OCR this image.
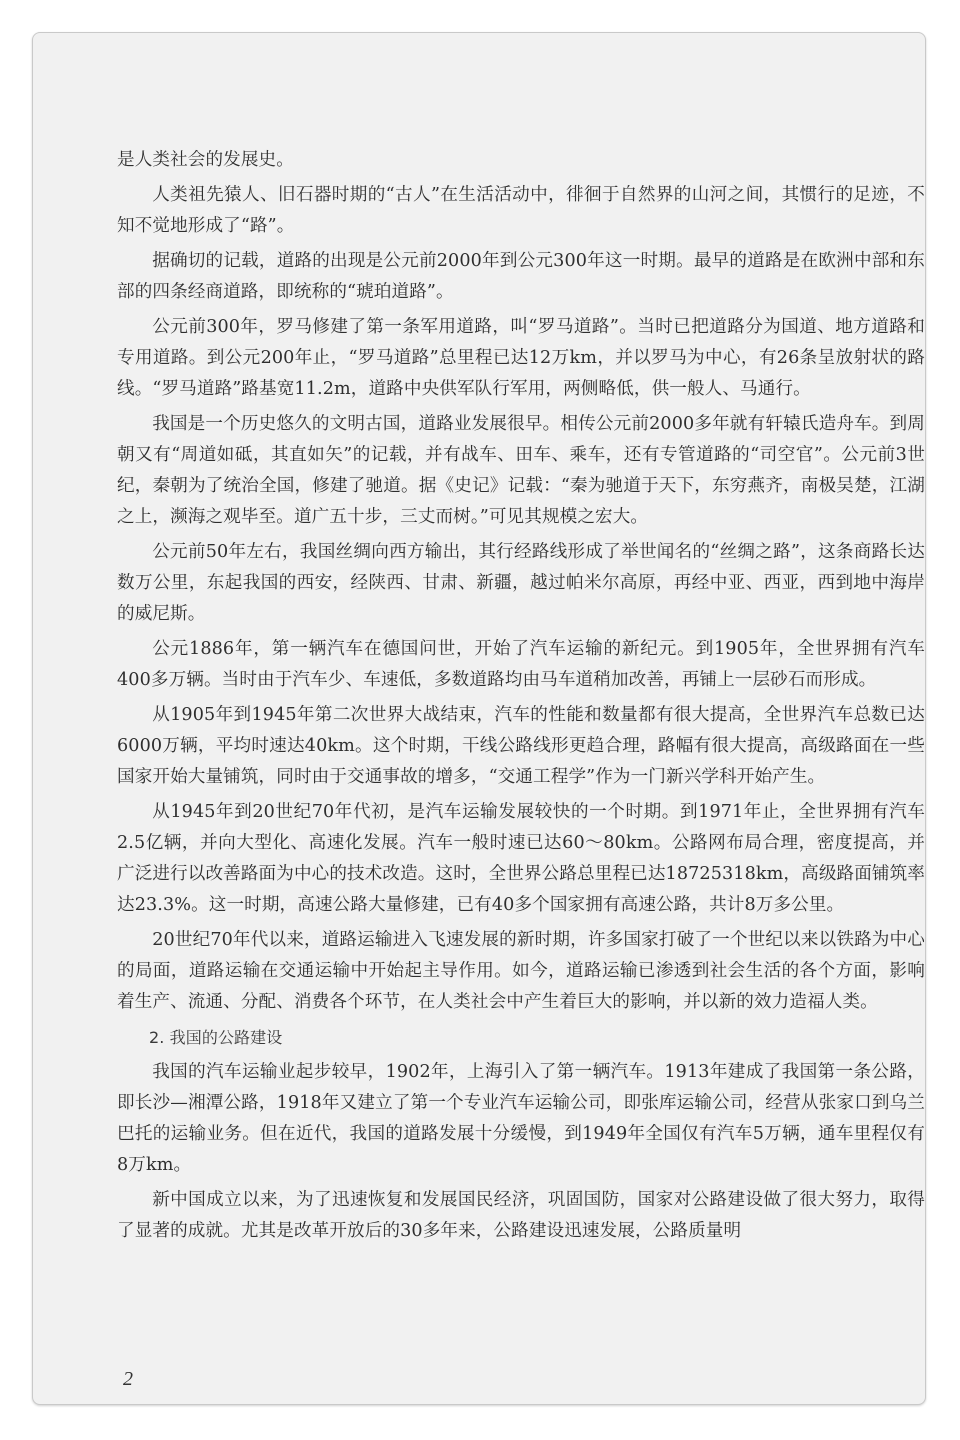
是人类社会的发展史。

人类祖先猿人、旧石器时期的“古人”在生活活动中，徘徊于自然界的山河之间，其惯行的足迹，不知不觉地形成了“路”。

据确切的记载，道路的出现是公元前2000年到公元300年这一时期。最早的道路是在欧洲中部和东部的四条经商道路，即统称的“琥珀道路”。

公元前300年，罗马修建了第一条军用道路，叫“罗马道路”。当时已把道路分为国道、地方道路和专用道路。到公元200年止，“罗马道路”总里程已达12万km，并以罗马为中心，有26条呈放射状的路线。“罗马道路”路基宽11.2m，道路中央供军队行军用，两侧略低，供一般人、马通行。

我国是一个历史悠久的文明古国，道路业发展很早。相传公元前2000多年就有轩辕氏造舟车。到周朝又有“周道如砥，其直如矢”的记载，并有战车、田车、乘车，还有专管道路的“司空官”。公元前3世纪，秦朝为了统治全国，修建了驰道。据《史记》记载：“秦为驰道于天下，东穷燕齐，南极吴楚，江湖之上，濒海之观毕至。道广五十步，三丈而树。”可见其规模之宏大。

公元前50年左右，我国丝绸向西方输出，其行经路线形成了举世闻名的“丝绸之路”，这条商路长达数万公里，东起我国的西安，经陕西、甘肃、新疆，越过帕米尔高原，再经中亚、西亚，西到地中海岸的威尼斯。

公元1886年，第一辆汽车在德国问世，开始了汽车运输的新纪元。到1905年，全世界拥有汽车400多万辆。当时由于汽车少、车速低，多数道路均由马车道稍加改善，再铺上一层砂石而形成。

从1905年到1945年第二次世界大战结束，汽车的性能和数量都有很大提高，全世界汽车总数已达6000万辆，平均时速达40km。这个时期，干线公路线形更趋合理，路幅有很大提高，高级路面在一些国家开始大量铺筑，同时由于交通事故的增多，“交通工程学”作为一门新兴学科开始产生。

从1945年到20世纪70年代初，是汽车运输发展较快的一个时期。到1971年止，全世界拥有汽车2.5亿辆，并向大型化、高速化发展。汽车一般时速已达60～80km。公路网布局合理，密度提高，并广泛进行以改善路面为中心的技术改造。这时，全世界公路总里程已达18725318km，高级路面铺筑率达23.3%。这一时期，高速公路大量修建，已有40多个国家拥有高速公路，共计8万多公里。

20世纪70年代以来，道路运输进入飞速发展的新时期，许多国家打破了一个世纪以来以铁路为中心的局面，道路运输在交通运输中开始起主导作用。如今，道路运输已渗透到社会生活的各个方面，影响着生产、流通、分配、消费各个环节，在人类社会中产生着巨大的影响，并以新的效力造福人类。

2. 我国的公路建设

我国的汽车运输业起步较早，1902年，上海引入了第一辆汽车。1913年建成了我国第一条公路，即长沙—湘潭公路，1918年又建立了第一个专业汽车运输公司，即张库运输公司，经营从张家口到乌兰巴托的运输业务。但在近代，我国的道路发展十分缓慢，到1949年全国仅有汽车5万辆，通车里程仅有8万km。

新中国成立以来，为了迅速恢复和发展国民经济，巩固国防，国家对公路建设做了很大努力，取得了显著的成就。尤其是改革开放后的30多年来，公路建设迅速发展，公路质量明

2
